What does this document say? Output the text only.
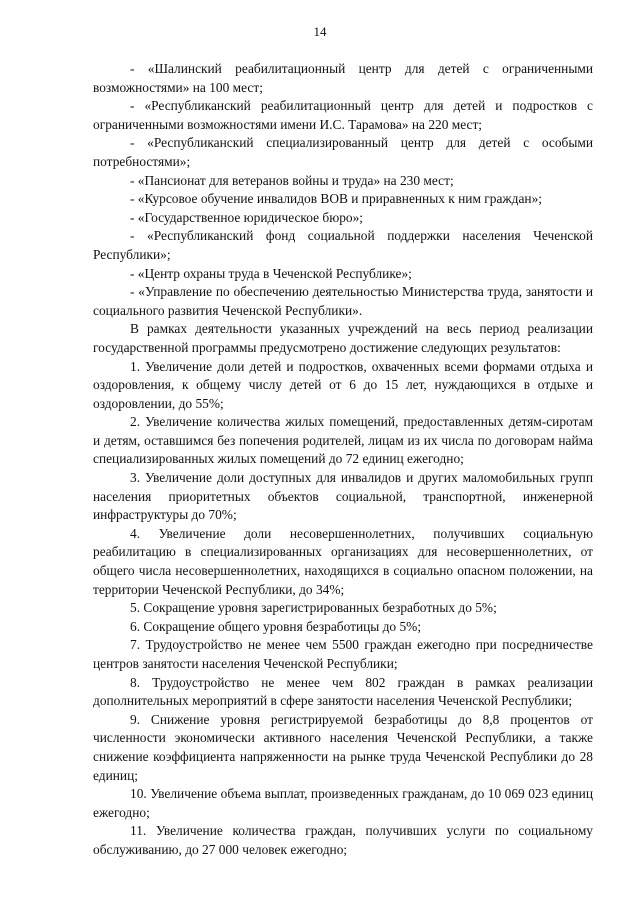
14

- «Шалинский реабилитационный центр для детей с ограниченными возможностями» на 100 мест;

- «Республиканский реабилитационный центр для детей и подростков с ограниченными возможностями имени И.С. Тарамова» на 220 мест;

- «Республиканский специализированный центр для детей с особыми потребностями»;

- «Пансионат для ветеранов войны и труда» на 230 мест;

- «Курсовое обучение инвалидов ВОВ и приравненных к ним граждан»;

- «Государственное юридическое бюро»;

- «Республиканский фонд социальной поддержки населения Чеченской Республики»;

- «Центр охраны труда в Чеченской Республике»;

- «Управление по обеспечению деятельностью Министерства труда, занятости и социального развития Чеченской Республики».

В рамках деятельности указанных учреждений на весь период реализации государственной программы предусмотрено достижение следующих результатов:

1. Увеличение доли детей и подростков, охваченных всеми формами отдыха и оздоровления, к общему числу детей от 6 до 15 лет, нуждающихся в отдыхе и оздоровлении, до 55%;

2. Увеличение количества жилых помещений, предоставленных детям-сиротам и детям, оставшимся без попечения родителей, лицам из их числа по договорам найма специализированных жилых помещений до 72 единиц ежегодно;

3. Увеличение доли доступных для инвалидов и других маломобильных групп населения приоритетных объектов социальной, транспортной, инженерной инфраструктуры до 70%;

4. Увеличение доли несовершеннолетних, получивших социальную реабилитацию в специализированных организациях для несовершеннолетних, от общего числа несовершеннолетних, находящихся в социально опасном положении, на территории Чеченской Республики, до 34%;

5. Сокращение уровня зарегистрированных безработных до 5%;

6. Сокращение общего уровня безработицы до 5%;

7. Трудоустройство не менее чем 5500 граждан ежегодно при посредничестве центров занятости населения Чеченской Республики;

8. Трудоустройство не менее чем 802 граждан в рамках реализации дополнительных мероприятий в сфере занятости населения Чеченской Республики;

9. Снижение уровня регистрируемой безработицы до 8,8 процентов от численности экономически активного населения Чеченской Республики, а также снижение коэффициента напряженности на рынке труда Чеченской Республики до 28 единиц;

10. Увеличение объема выплат, произведенных гражданам, до 10 069 023 единиц ежегодно;

11. Увеличение количества граждан, получивших услуги по социальному обслуживанию, до 27 000 человек ежегодно;
